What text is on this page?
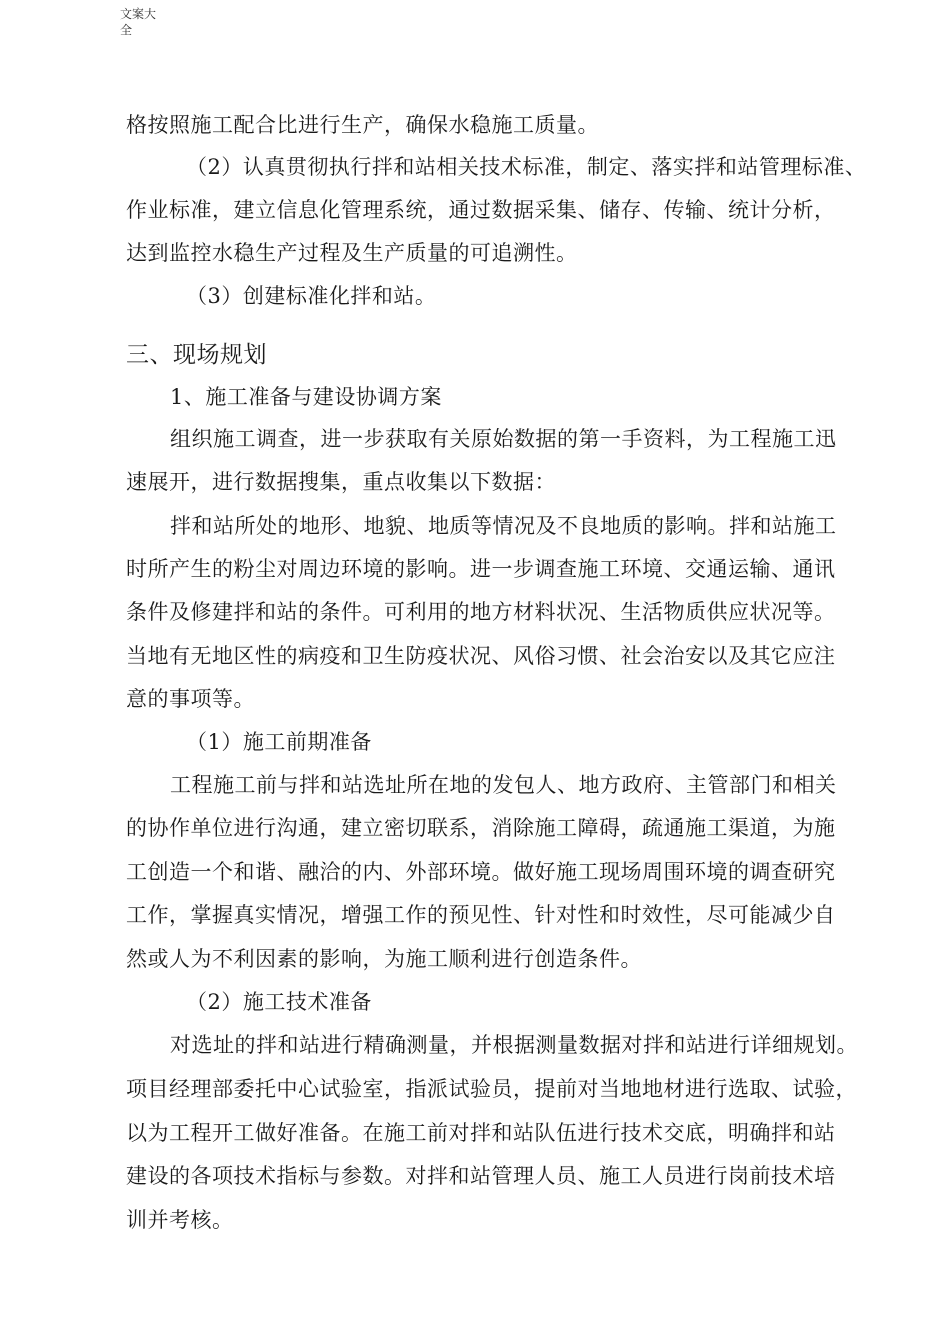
文案大
全
格按照施工配合比进行生产，确保水稳施工质量。
（2）认真贯彻执行拌和站相关技术标准，制定、落实拌和站管理标准、
作业标准，建立信息化管理系统，通过数据采集、储存、传输、统计分析，
达到监控水稳生产过程及生产质量的可追溯性。
（3）创建标准化拌和站。
三、现场规划
1、施工准备与建设协调方案
组织施工调查，进一步获取有关原始数据的第一手资料，为工程施工迅
速展开，进行数据搜集，重点收集以下数据：
拌和站所处的地形、地貌、地质等情况及不良地质的影响。拌和站施工
时所产生的粉尘对周边环境的影响。进一步调查施工环境、交通运输、通讯
条件及修建拌和站的条件。可利用的地方材料状况、生活物质供应状况等。
当地有无地区性的病疫和卫生防疫状况、风俗习惯、社会治安以及其它应注
意的事项等。
（1）施工前期准备
工程施工前与拌和站选址所在地的发包人、地方政府、主管部门和相关
的协作单位进行沟通，建立密切联系，消除施工障碍，疏通施工渠道，为施
工创造一个和谐、融洽的内、外部环境。做好施工现场周围环境的调查研究
工作，掌握真实情况，增强工作的预见性、针对性和时效性，尽可能减少自
然或人为不利因素的影响，为施工顺利进行创造条件。
（2）施工技术准备
对选址的拌和站进行精确测量，并根据测量数据对拌和站进行详细规划。
项目经理部委托中心试验室，指派试验员，提前对当地地材进行选取、试验，
以为工程开工做好准备。在施工前对拌和站队伍进行技术交底，明确拌和站
建设的各项技术指标与参数。对拌和站管理人员、施工人员进行岗前技术培
训并考核。
